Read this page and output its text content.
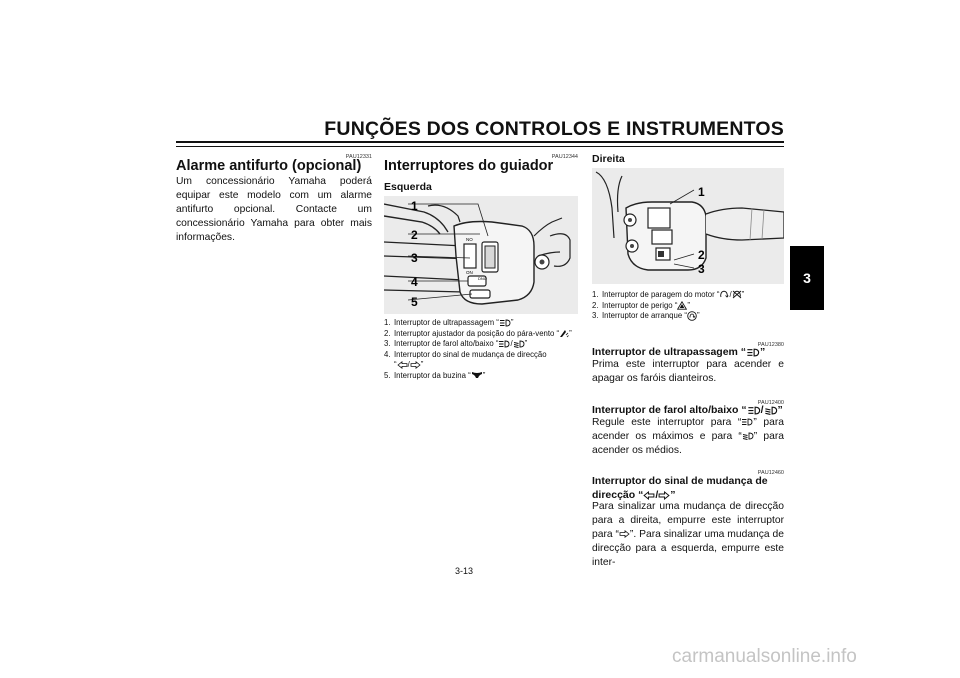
FUNÇÕES DOS CONTROLOS E INSTRUMENTOS
3
PAU12331
Alarme antifurto (opcional)
Um concessionário Yamaha poderá equipar este modelo com um alarme antifurto opcional. Contacte um concessionário Yamaha para obter mais informações.
PAU12344
Interruptores do guiador
Esquerda
NO
ON
DNO
1
2
3
4
5
1. Interruptor de ultrapassagem “ ”
2. Interruptor ajustador da posição do pára-vento “ ”
3. Interruptor de farol alto/baixo “ / ”
4. Interruptor do sinal de mudança de direcção
“ / ”
5. Interruptor da buzina “ ”
Direita
1
2
3
1. Interruptor de paragem do motor “ / ”
2. Interruptor de perigo “ ”
3. Interruptor de arranque “ ”
PAU12380
Interruptor de ultrapassagem “ ”
Prima este interruptor para acender e apagar os faróis dianteiros.
PAU12400
Interruptor de farol alto/baixo “ / ”
Regule este interruptor para “ ” para acender os máximos e para “ ” para acender os médios.
PAU12460
Interruptor do sinal de mudança de
direcção “ / ”
Para sinalizar uma mudança de direcção para a direita, empurre este interruptor para “ ”. Para sinalizar uma mudança de direcção para a esquerda, empurre este inter-
3-13
carmanualsonline.info
